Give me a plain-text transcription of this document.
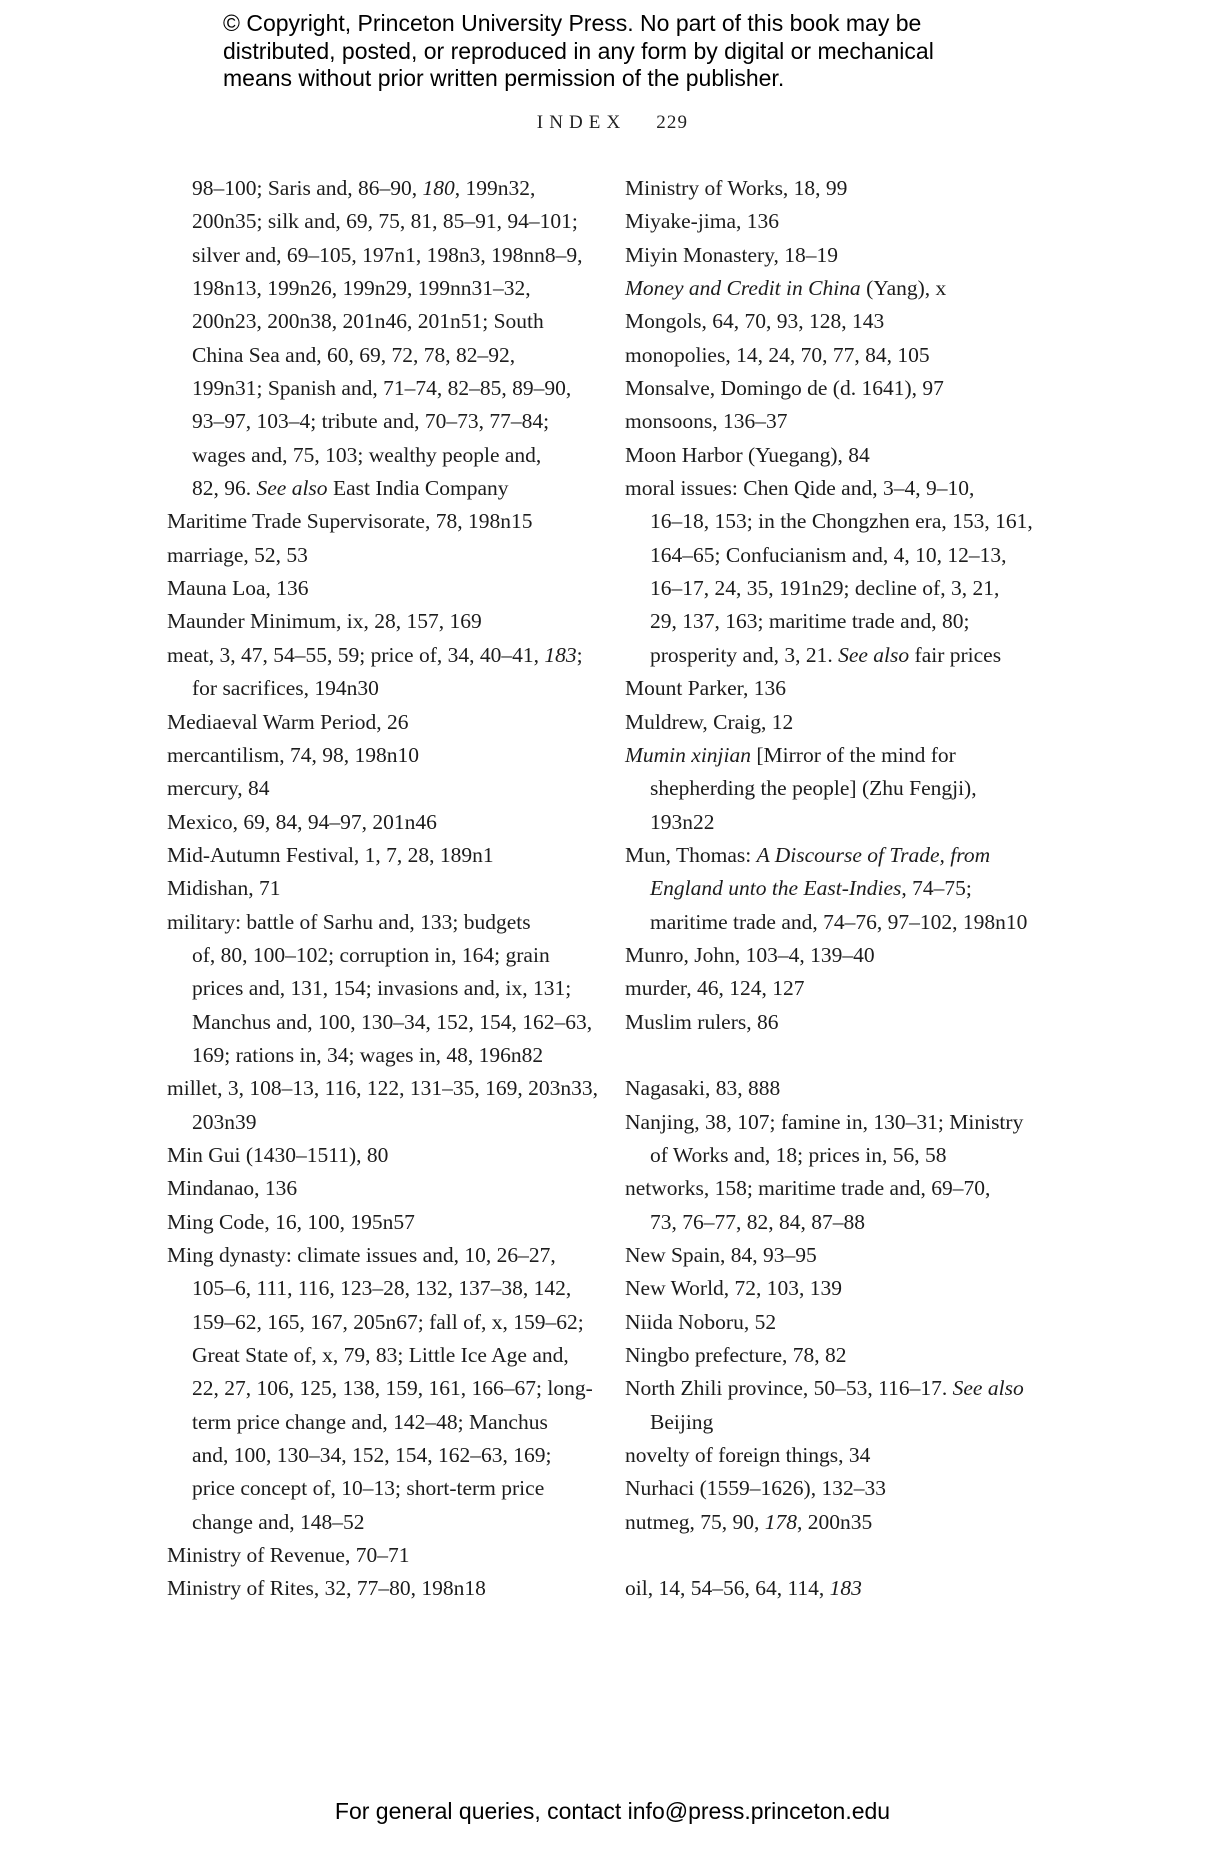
© Copyright, Princeton University Press. No part of this book may be
distributed, posted, or reproduced in any form by digital or mechanical
means without prior written permission of the publisher.
INDEX 229
98–100; Saris and, 86–90, 180, 199n32,
200n35; silk and, 69, 75, 81, 85–91, 94–101;
silver and, 69–105, 197n1, 198n3, 198nn8–9,
198n13, 199n26, 199n29, 199nn31–32,
200n23, 200n38, 201n46, 201n51; South
China Sea and, 60, 69, 72, 78, 82–92,
199n31; Spanish and, 71–74, 82–85, 89–90,
93–97, 103–4; tribute and, 70–73, 77–84;
wages and, 75, 103; wealthy people and,
82, 96. See also East India Company
Maritime Trade Supervisorate, 78, 198n15
marriage, 52, 53
Mauna Loa, 136
Maunder Minimum, ix, 28, 157, 169
meat, 3, 47, 54–55, 59; price of, 34, 40–41, 183;
for sacrifices, 194n30
Mediaeval Warm Period, 26
mercantilism, 74, 98, 198n10
mercury, 84
Mexico, 69, 84, 94–97, 201n46
Mid-Autumn Festival, 1, 7, 28, 189n1
Midishan, 71
military: battle of Sarhu and, 133; budgets
of, 80, 100–102; corruption in, 164; grain
prices and, 131, 154; invasions and, ix, 131;
Manchus and, 100, 130–34, 152, 154, 162–63,
169; rations in, 34; wages in, 48, 196n82
millet, 3, 108–13, 116, 122, 131–35, 169, 203n33,
203n39
Min Gui (1430–1511), 80
Mindanao, 136
Ming Code, 16, 100, 195n57
Ming dynasty: climate issues and, 10, 26–27,
105–6, 111, 116, 123–28, 132, 137–38, 142,
159–62, 165, 167, 205n67; fall of, x, 159–62;
Great State of, x, 79, 83; Little Ice Age and,
22, 27, 106, 125, 138, 159, 161, 166–67; long-
term price change and, 142–48; Manchus
and, 100, 130–34, 152, 154, 162–63, 169;
price concept of, 10–13; short-term price
change and, 148–52
Ministry of Revenue, 70–71
Ministry of Rites, 32, 77–80, 198n18
Ministry of Works, 18, 99
Miyake-jima, 136
Miyin Monastery, 18–19
Money and Credit in China (Yang), x
Mongols, 64, 70, 93, 128, 143
monopolies, 14, 24, 70, 77, 84, 105
Monsalve, Domingo de (d. 1641), 97
monsoons, 136–37
Moon Harbor (Yuegang), 84
moral issues: Chen Qide and, 3–4, 9–10,
16–18, 153; in the Chongzhen era, 153, 161,
164–65; Confucianism and, 4, 10, 12–13,
16–17, 24, 35, 191n29; decline of, 3, 21,
29, 137, 163; maritime trade and, 80;
prosperity and, 3, 21. See also fair prices
Mount Parker, 136
Muldrew, Craig, 12
Mumin xinjian [Mirror of the mind for
shepherding the people] (Zhu Fengji),
193n22
Mun, Thomas: A Discourse of Trade, from
England unto the East-Indies, 74–75;
maritime trade and, 74–76, 97–102, 198n10
Munro, John, 103–4, 139–40
murder, 46, 124, 127
Muslim rulers, 86

Nagasaki, 83, 888
Nanjing, 38, 107; famine in, 130–31; Ministry
of Works and, 18; prices in, 56, 58
networks, 158; maritime trade and, 69–70,
73, 76–77, 82, 84, 87–88
New Spain, 84, 93–95
New World, 72, 103, 139
Niida Noboru, 52
Ningbo prefecture, 78, 82
North Zhili province, 50–53, 116–17. See also
Beijing
novelty of foreign things, 34
Nurhaci (1559–1626), 132–33
nutmeg, 75, 90, 178, 200n35

oil, 14, 54–56, 64, 114, 183
For general queries, contact info@press.princeton.edu
